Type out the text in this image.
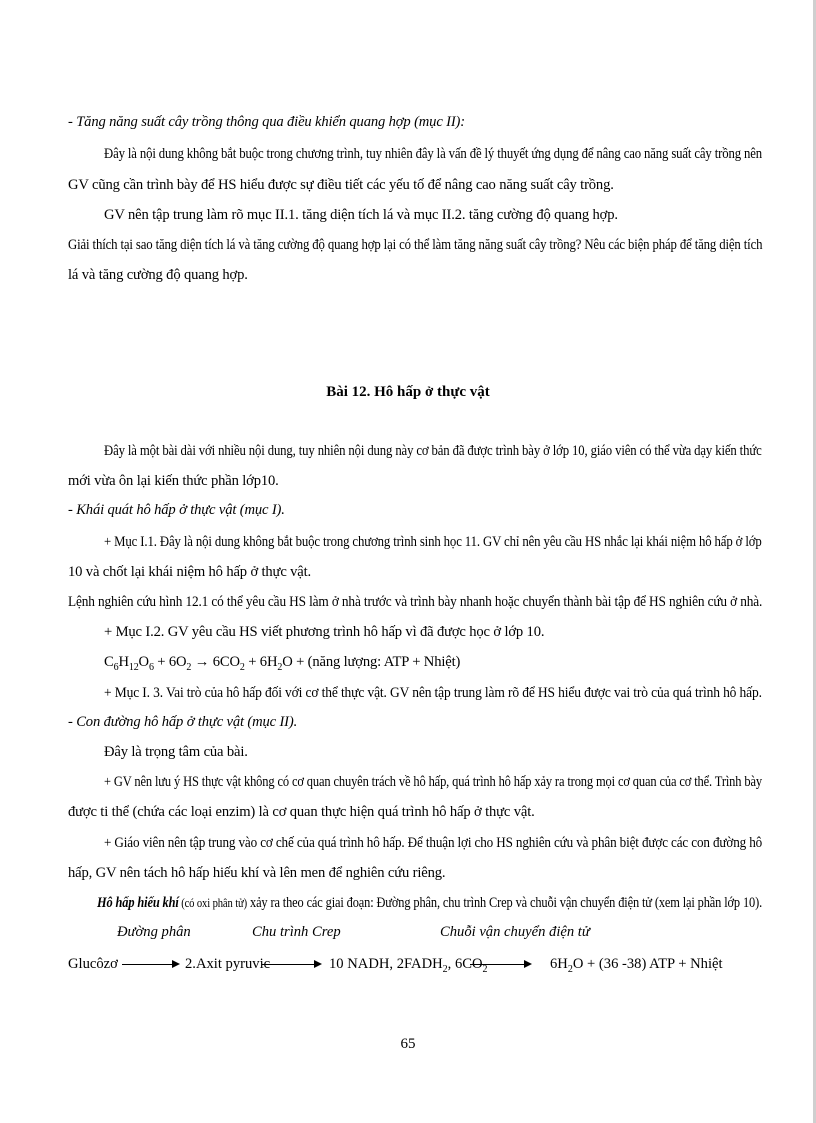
- Tăng năng suất cây trồng thông qua điều khiển quang hợp (mục II):
Đây là nội dung không bắt buộc trong chương trình, tuy nhiên đây là vấn đề lý thuyết ứng dụng để nâng cao năng suất cây trồng nên
GV cũng cần trình bày để HS hiểu được sự điều tiết các yếu tố để nâng cao năng suất cây trồng.
GV nên tập trung làm rõ mục II.1. tăng diện tích lá và mục II.2. tăng cường độ quang hợp.
Giải thích tại sao tăng diện tích lá và tăng cường độ quang hợp lại có thể làm tăng năng suất cây trồng? Nêu các biện pháp để tăng diện tích
lá và tăng cường độ quang hợp.
Bài 12. Hô hấp ở thực vật
Đây là một bài dài với nhiều nội dung, tuy nhiên nội dung này cơ bản đã được trình bày ở lớp 10, giáo viên có thể vừa dạy kiến thức
mới vừa ôn lại kiến thức phần lớp10.
- Khái quát hô hấp ở thực vật (mục I).
+ Mục I.1. Đây là nội dung không bắt buộc trong chương trình sinh học 11. GV chỉ nên yêu cầu HS nhắc lại khái niệm hô hấp ở lớp
10 và chốt lại khái niệm hô hấp ở thực vật.
Lệnh nghiên cứu hình 12.1 có thể yêu cầu HS làm ở nhà trước và trình bày nhanh hoặc chuyển thành bài tập để HS nghiên cứu ở nhà.
+ Mục I.2. GV yêu cầu HS viết phương trình hô hấp vì đã được học ở lớp 10.
$C_6H_{12}O_6 + 6O_2 \to 6CO_2 + 6H_2O$ + (năng lượng: ATP + Nhiệt)
+ Mục I. 3. Vai trò của hô hấp đối với cơ thể thực vật. GV nên tập trung làm rõ để HS hiểu được vai trò của quá trình hô hấp.
- Con đường hô hấp ở thực vật (mục II).
Đây là trọng tâm của bài.
+ GV nên lưu ý HS thực vật không có cơ quan chuyên trách về hô hấp, quá trình hô hấp xảy ra trong mọi cơ quan của cơ thể. Trình bày
được ti thể (chứa các loại enzim) là cơ quan thực hiện quá trình hô hấp ở thực vật.
+ Giáo viên nên tập trung vào cơ chế của quá trình hô hấp. Để thuận lợi cho HS nghiên cứu và phân biệt được các con đường hô
hấp, GV nên tách hô hấp hiếu khí và lên men để nghiên cứu riêng.
Hô hấp hiếu khí (có oxi phân tử) xảy ra theo các giai đoạn: Đường phân, chu trình Crep và chuỗi vận chuyển điện tử (xem lại phần lớp 10).
Đường phân	Chu trình Crep	Chuỗi vận chuyển điện tử
Glucôzơ	2.Axit pyruvic	10 NADH, $2FADH_2$, $6CO_2$	$6H_2O + (36$ -38) ATP + Nhiệt
65
